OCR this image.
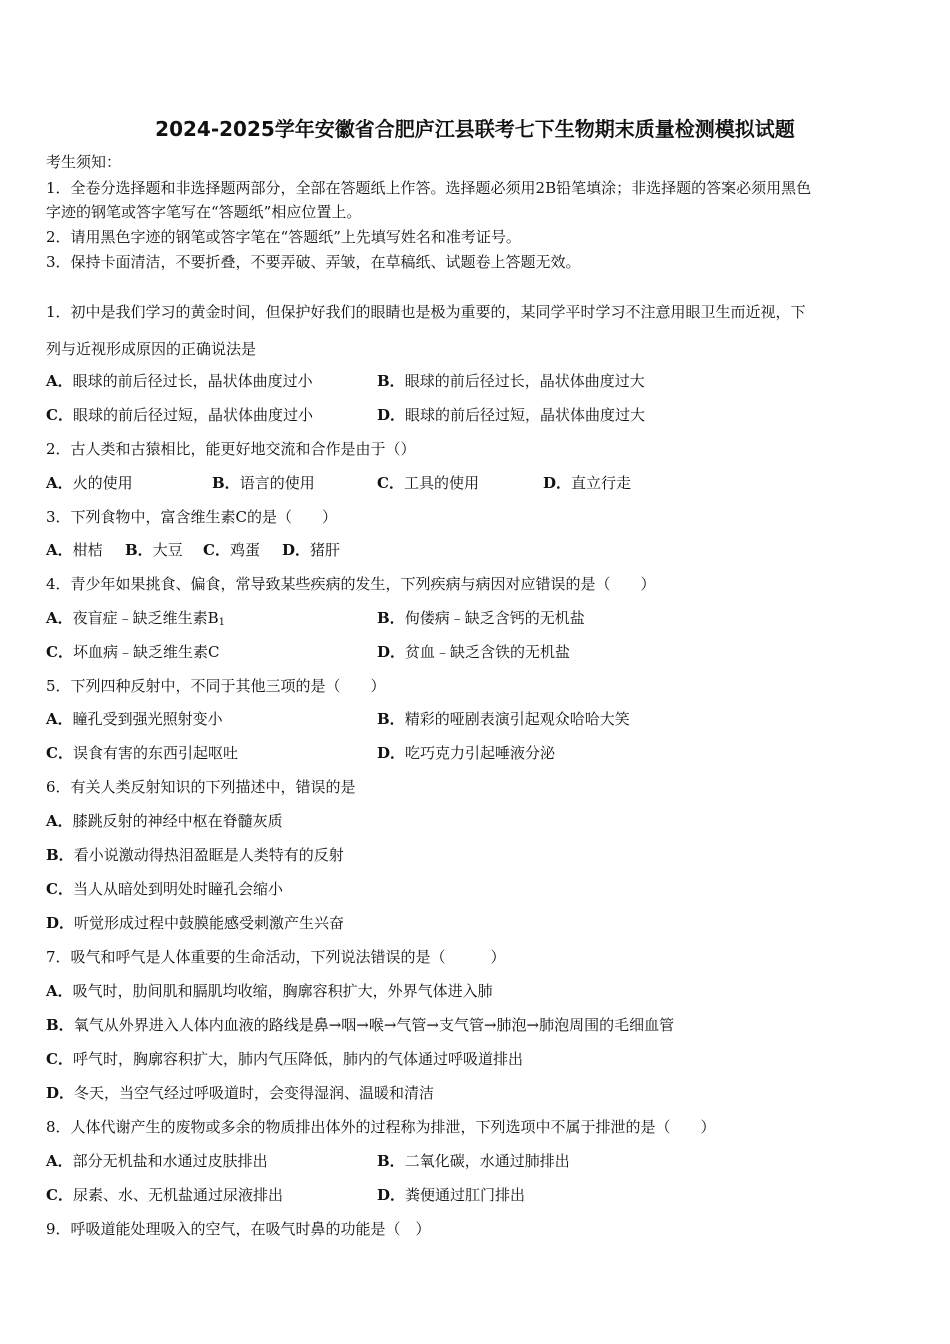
2024-2025学年安徽省合肥庐江县联考七下生物期末质量检测模拟试题
考生须知：
1．全卷分选择题和非选择题两部分，全部在答题纸上作答。选择题必须用2B铅笔填涂；非选择题的答案必须用黑色
字迹的钢笔或答字笔写在“答题纸”相应位置上。
2．请用黑色字迹的钢笔或答字笔在“答题纸”上先填写姓名和准考证号。
3．保持卡面清洁，不要折叠，不要弄破、弄皱，在草稿纸、试题卷上答题无效。
1．初中是我们学习的黄金时间，但保护好我们的眼睛也是极为重要的，某同学平时学习不注意用眼卫生而近视，下
列与近视形成原因的正确说法是
A．眼球的前后径过长，晶状体曲度过小	B．眼球的前后径过长，晶状体曲度过大
C．眼球的前后径过短，晶状体曲度过小	D．眼球的前后径过短，晶状体曲度过大
2．古人类和古猿相比，能更好地交流和合作是由于（）
A．火的使用	B．语言的使用	C．工具的使用	D．直立行走
3．下列食物中，富含维生素C的是（　　）
A．柑桔 B．大豆 C．鸡蛋 D．猪肝
4．青少年如果挑食、偏食，常导致某些疾病的发生，下列疾病与病因对应错误的是（　　）
A．夜盲症﹣缺乏维生素$B_1$	B．佝偻病﹣缺乏含钙的无机盐
C．坏血病﹣缺乏维生素C	D．贫血﹣缺乏含铁的无机盐
5．下列四种反射中，不同于其他三项的是（　　）
A．瞳孔受到强光照射变小	B．精彩的哑剧表演引起观众哈哈大笑
C．误食有害的东西引起呕吐	D．吃巧克力引起唾液分泌
6．有关人类反射知识的下列描述中，错误的是
A．膝跳反射的神经中枢在脊髓灰质
B．看小说激动得热泪盈眶是人类特有的反射
C．当人从暗处到明处时瞳孔会缩小
D．听觉形成过程中鼓膜能感受刺激产生兴奋
7．吸气和呼气是人体重要的生命活动，下列说法错误的是（　　　）
A．吸气时，肋间肌和膈肌均收缩，胸廓容积扩大，外界气体进入肺
B．氧气从外界进入人体内血液的路线是鼻→咽→喉→气管→支气管→肺泡→肺泡周围的毛细血管
C．呼气时，胸廓容积扩大，肺内气压降低，肺内的气体通过呼吸道排出
D．冬天，当空气经过呼吸道时，会变得湿润、温暖和清洁
8．人体代谢产生的废物或多余的物质排出体外的过程称为排泄，下列选项中不属于排泄的是（　　）
A．部分无机盐和水通过皮肤排出	B．二氧化碳，水通过肺排出
C．尿素、水、无机盐通过尿液排出	D．粪便通过肛门排出
9．呼吸道能处理吸入的空气，在吸气时鼻的功能是（　）
